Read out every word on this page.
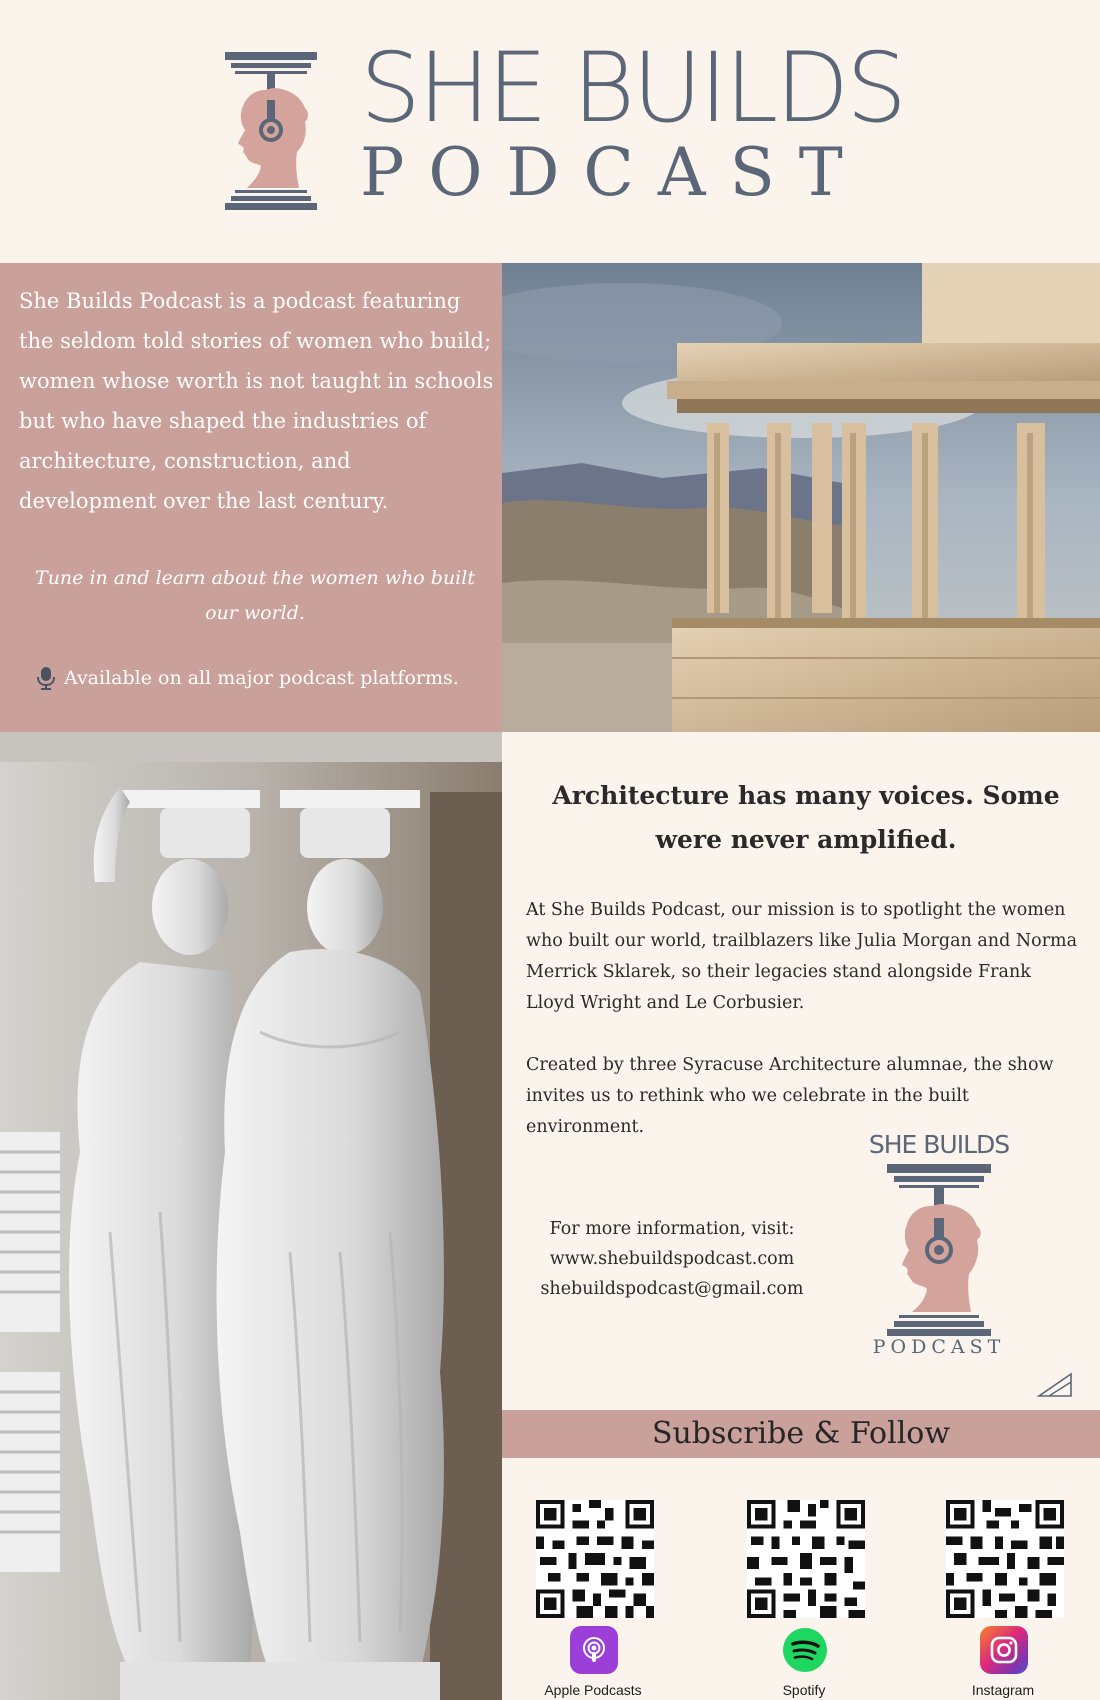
SHE BUILDS
PODCAST

She Builds Podcast is a podcast featuring the seldom told stories of women who build; women whose worth is not taught in schools but who have shaped the industries of architecture, construction, and development over the last century.

Tune in and learn about the women who built our world.

Available on all major podcast platforms.
Architecture has many voices. Some were never amplified.

At She Builds Podcast, our mission is to spotlight the women who built our world, trailblazers like Julia Morgan and Norma Merrick Sklarek, so their legacies stand alongside Frank Lloyd Wright and Le Corbusier.

Created by three Syracuse Architecture alumnae, the show invites us to rethink who we celebrate in the built environment.

For more information, visit:
www.shebuildspodcast.com
shebuildspodcast@gmail.com
SHE BUILDS
PODCAST
Subscribe & Follow
Apple Podcasts	Spotify	Instagram
